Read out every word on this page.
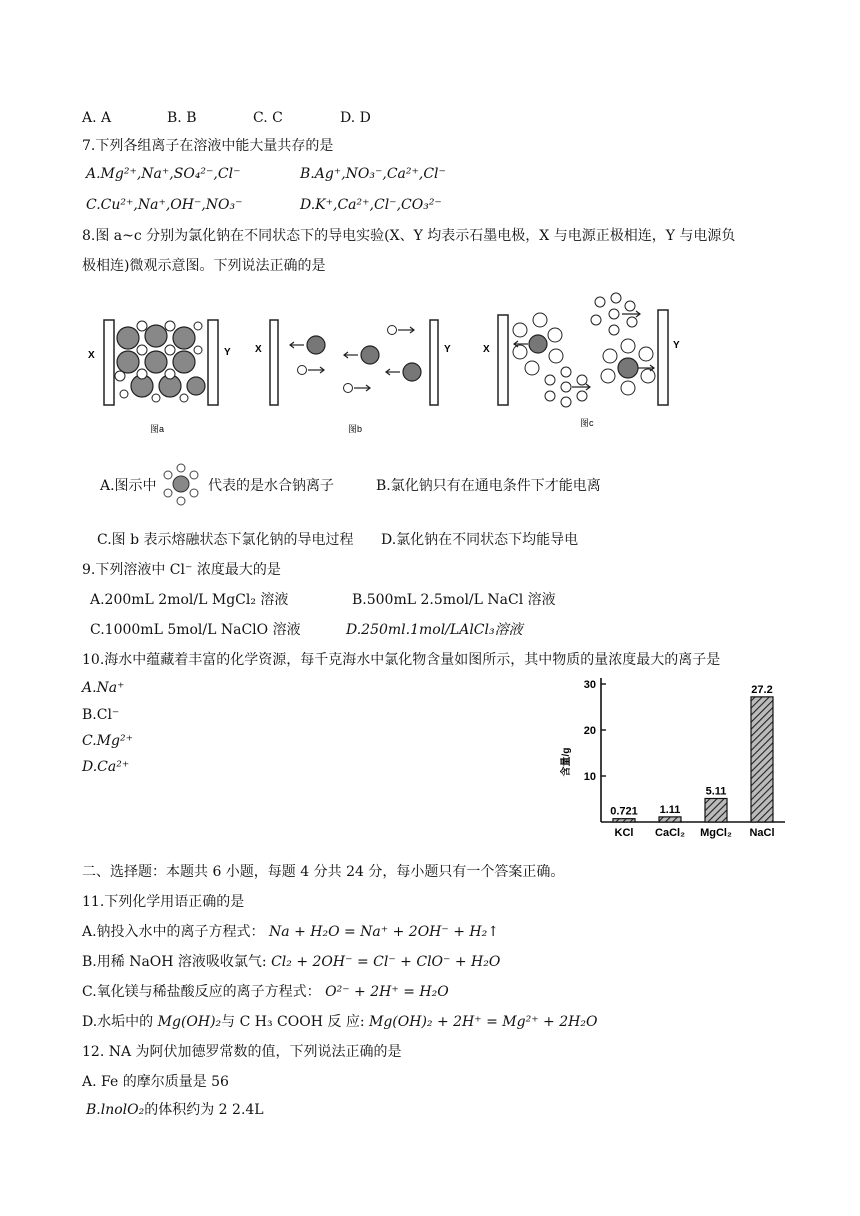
A. A	B. B	C. C	D. D
7.下列各组离子在溶液中能大量共存的是
A.Mg²⁺,Na⁺,SO₄²⁻,Cl⁻	B.Ag⁺,NO₃⁻,Ca²⁺,Cl⁻
C.Cu²⁺,Na⁺,OH⁻,NO₃⁻	D.K⁺,Ca²⁺,Cl⁻,CO₃²⁻
8.图 a~c 分别为氯化钠在不同状态下的导电实验(X、Y 均表示石墨电极，X 与电源正极相连，Y 与电源负
极相连)微观示意图。下列说法正确的是
X	Y
图a
X	Y
图b
X	Y
图c
A.图示中	代表的是水合钠离子	B.氯化钠只有在通电条件下才能电离
C.图 b 表示熔融状态下氯化钠的导电过程 D.氯化钠在不同状态下均能导电
9.下列溶液中 Cl⁻ 浓度最大的是
A.200mL 2mol/L MgCl₂ 溶液	B.500mL 2.5mol/L NaCl 溶液
C.1000mL 5mol/L NaClO 溶液	D.250ml.1mol/LAlCl₃溶液
10.海水中蕴藏着丰富的化学资源，每千克海水中氯化物含量如图所示，其中物质的量浓度最大的离子是
A.Na⁺
B.Cl⁻
C.Mg²⁺
D.Ca²⁺	含量/g
10
20
30
0.721
KCl
1.11
CaCl₂
5.11
MgCl₂
27.2
NaCl
二、选择题：本题共 6 小题，每题 4 分共 24 分，每小题只有一个答案正确。
11.下列化学用语正确的是
A.钠投入水中的离子方程式： Na + H₂O = Na⁺ + 2OH⁻ + H₂↑
B.用稀 NaOH 溶液吸收氯气: Cl₂ + 2OH⁻ = Cl⁻ + ClO⁻ + H₂O
C.氧化镁与稀盐酸反应的离子方程式： O²⁻ + 2H⁺ = H₂O
D.水垢中的 Mg(OH)₂与 C H₃ COOH 反 应: Mg(OH)₂ + 2H⁺ = Mg²⁺ + 2H₂O
12. NA 为阿伏加德罗常数的值，下列说法正确的是
A. Fe 的摩尔质量是 56
B.lnolO₂的体积约为 2 2.4L
